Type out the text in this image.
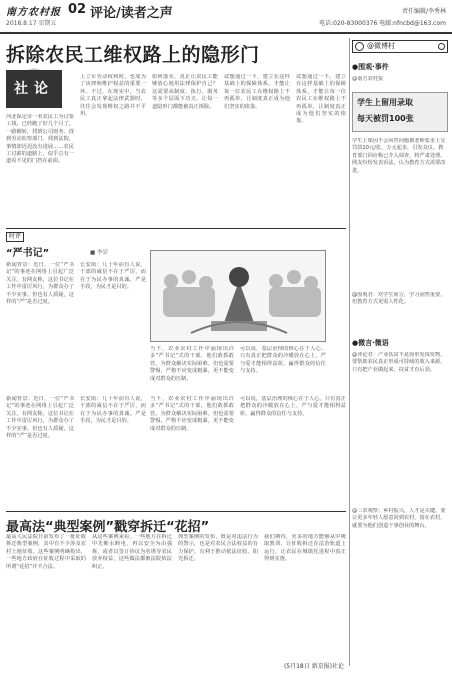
南方农村报
2018.8.17 星期五
02 评论/读者之声	责任编辑/李秀林
电话:020-83000376 电邮:nfncbd@163.com
拆除农民工维权路上的隐形门
社论
河北保定市一名农民工为讨要工钱，已经跑了好几个月了。一路辗转，找到公司财务、找到劳动监察部门、找到法院，事情却迟迟没有进展……农民工讨薪的道路上，似乎总有一道看不见的门挡在前面。
上立军劳动权利时，也成为了该律师维护权益的重要一环。不过，在现实中，当农民工真正拿起法律武器时，往往会发现维权之路并不平坦。
如何落实，真正让农民工能够放心地用法律保护自己？这需要从制度、执行、服务等多个层面下功夫，让每一道隐形门都能被真正拆除。
试想通过一下，建立在这样基础上的保障体系，才能让每一位农民工在维权路上不再孤单，让制度真正成为他们坚实的依靠。
试想通过一下，建立在这样基础上的保障体系，才能让每一位农民工在维权路上不再孤单，让制度真正成为他们坚实的依靠。
时评
“严书记”	■ 李岩
新闻背景：近日，一位“严书记”的事迹在网络上引起广泛关注。有网友称，这位书记在工作中雷厉风行，为群众办了不少实事。但也有人质疑，这样的“严”是否过度。
长安街：几十年前有人说，干部的威信不在于严厉，而在于为民办事的真诚。严是手段，为民才是目的。
当下，农业农村工作中涌现出许多“严书记”式的干部，他们敢抓敢管，为群众解决实际困难。但也需要警惕，严格不应变成粗暴，更不能变成对群众的压制。
可以说，基层治理的核心在于人心。只有真正把群众的冷暖放在心上，严与爱才能相得益彰，赢得群众的信任与支持。
当下，农业农村工作中涌现出许多“严书记”式的干部，他们敢抓敢管，为群众解决实际困难。但也需要警惕，严格不应变成粗暴，更不能变成对群众的压制。
可以说，基层治理的核心在于人心。只有真正把群众的冷暖放在心上，严与爱才能相得益彰，赢得群众的信任与支持。
新闻背景：近日，一位“严书记”的事迹在网络上引起广泛关注。有网友称，这位书记在工作中雷厉风行，为群众办了不少实事。但也有人质疑，这样的“严”是否过度。
长安街：几十年前有人说，干部的威信不在于严厉，而在于为民办事的真诚。严是手段，为民才是目的。
最高法“典型案例”戳穿拆迁“花招”
最高人民法院日前发布了一批征收拆迁典型案例，其中有不少涉及农村土地征收。这些案例明确指出，一些地方政府在征收过程中采取的所谓“花招”并不合法。
从这些案例来看，一些地方在拆迁中先断水断电、再以安全为由强拆，或者以签订协议为名诱导农民放弃权益，这些做法都被法院依法纠正。
典型案例的发布，既是对违法行为的警示，也是对农民合法权益的有力保护，有利于推动依法征收、阳光拆迁。
我们期待，更多的地方能够从中吸取教训，让征收拆迁在法治轨道上运行，让农民在城镇化进程中真正得到实惠。
(5月18日 新京报)社论
@微博村
●围观·事件
@南方农村报
学生上留用录取
每天被罚100张
学生上课因不会回答问题被老师要求上交罚款10元/张，万元起步，引发众议。教育部门回应称已介入调查，将严肃处理。网友纷纷发表看法，认为教育方式需要改进。
@围观君：对学生而言，学习固然重要，但教育方式更需人性化。
●微言·微语
@评论君：产业扶贫不是简单发钱发物，要帮助农民真正形成可持续的收入来源。只有把产业做起来，扶贫才有后劲。
@三农观察：乡村振兴，人才是关键。要让更多年轻人愿意回到农村、留在农村，就要为他们创造干事创业的舞台。
